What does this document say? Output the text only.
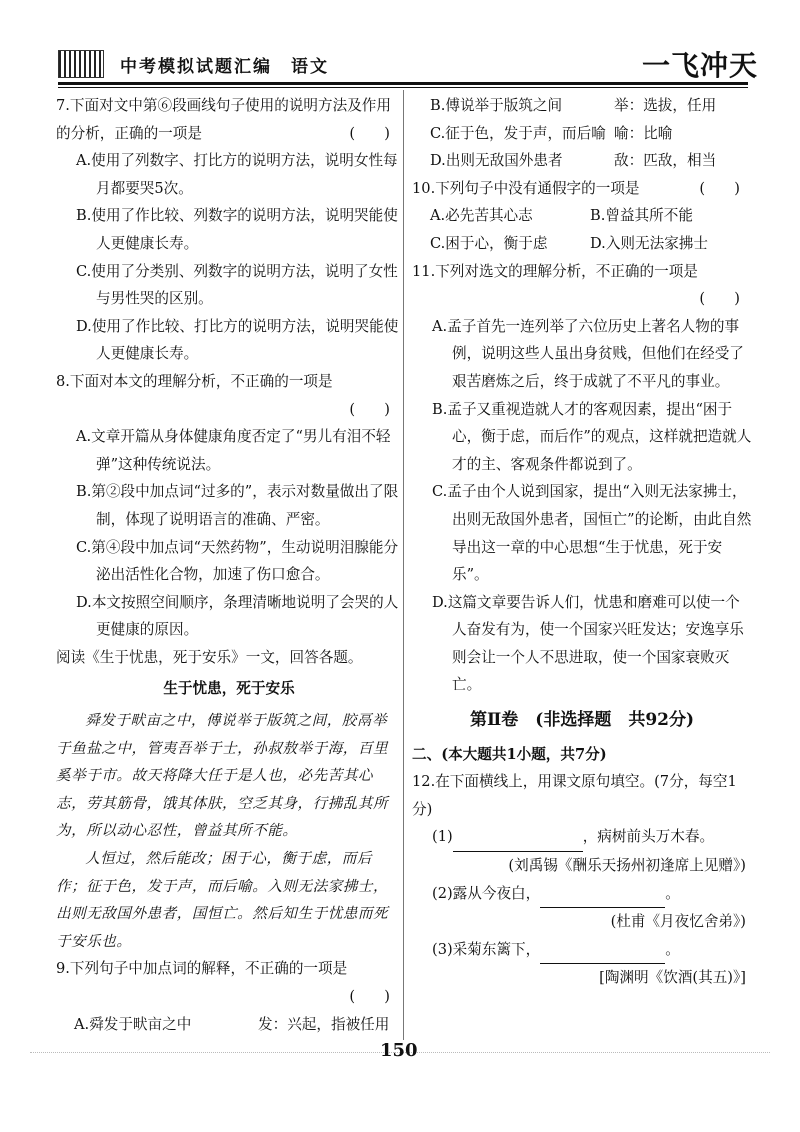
中考模拟试题汇编　语文	一飞冲天
7.下面对文中第⑥段画线句子使用的说明方法及作用的分析，正确的一项是	(　　)
A.使用了列数字、打比方的说明方法，说明女性每月都要哭5次。
B.使用了作比较、列数字的说明方法，说明哭能使人更健康长寿。
C.使用了分类别、列数字的说明方法，说明了女性与男性哭的区别。
D.使用了作比较、打比方的说明方法，说明哭能使人更健康长寿。
8.下面对本文的理解分析，不正确的一项是
(　　)
A.文章开篇从身体健康角度否定了“男儿有泪不轻弹”这种传统说法。
B.第②段中加点词“过多的”，表示对数量做出了限制，体现了说明语言的准确、严密。
C.第④段中加点词“天然药物”，生动说明泪腺能分泌出活性化合物，加速了伤口愈合。
D.本文按照空间顺序，条理清晰地说明了会哭的人更健康的原因。
阅读《生于忧患，死于安乐》一文，回答各题。
生于忧患，死于安乐
舜发于畎亩之中，傅说举于版筑之间，胶鬲举于鱼盐之中，管夷吾举于士，孙叔敖举于海，百里奚举于市。故天将降大任于是人也，必先苦其心志，劳其筋骨，饿其体肤，空乏其身，行拂乱其所为，所以动心忍性，曾益其所不能。
人恒过，然后能改；困于心，衡于虑，而后作；征于色，发于声，而后喻。入则无法家拂士，出则无敌国外患者，国恒亡。然后知生于忧患而死于安乐也。
9.下列句子中加点词的解释，不正确的一项是
(　　)
A.舜发于畎亩之中	发：兴起，指被任用
B.傅说举于版筑之间	举：选拔，任用
C.征于色，发于声，而后喻 喻：比喻
D.出则无敌国外患者	敌：匹敌，相当
10.下列句子中没有通假字的一项是	(　　)
A.必先苦其心志	B.曾益其所不能
C.困于心，衡于虑	D.入则无法家拂士
11.下列对选文的理解分析，不正确的一项是
(　　)
A.孟子首先一连列举了六位历史上著名人物的事例，说明这些人虽出身贫贱，但他们在经受了艰苦磨炼之后，终于成就了不平凡的事业。
B.孟子又重视造就人才的客观因素，提出“困于心，衡于虑，而后作”的观点，这样就把造就人才的主、客观条件都说到了。
C.孟子由个人说到国家，提出“入则无法家拂士，出则无敌国外患者，国恒亡”的论断，由此自然导出这一章的中心思想“生于忧患，死于安乐”。
D.这篇文章要告诉人们，忧患和磨难可以使一个人奋发有为，使一个国家兴旺发达；安逸享乐则会让一个人不思进取，使一个国家衰败灭亡。
第Ⅱ卷　(非选择题　共92分)
二、(本大题共1小题，共7分)
12.在下面横线上，用课文原句填空。(7分，每空1分)
(1)	，病树前头万木春。
(刘禹锡《酬乐天扬州初逢席上见赠》)
(2)露从今夜白，	。
(杜甫《月夜忆舍弟》)
(3)采菊东篱下，	。
[陶渊明《饮酒(其五)》]
150
